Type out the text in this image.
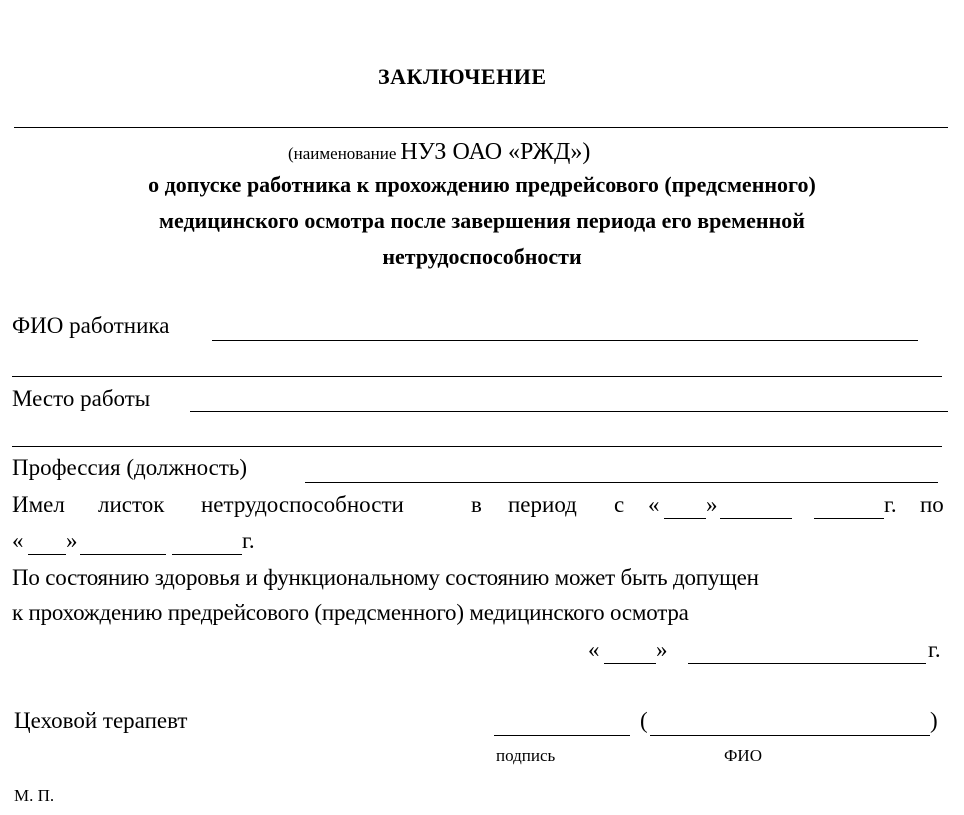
ЗАКЛЮЧЕНИЕ
(наименование НУЗ ОАО «РЖД»)
о допуске работника к прохождению предрейсового (предсменного)
медицинского осмотра после завершения периода его временной
нетрудоспособности
ФИО работника
Место работы
Профессия (должность)
Имел листок нетрудоспособности	в период с « »	г. по
« »	г.
По состоянию здоровья и функциональному состоянию может быть допущен
к прохождению предрейсового (предсменного) медицинского осмотра
« »	г.
Цеховой терапевт	(	)
подпись	ФИО
М. П.
